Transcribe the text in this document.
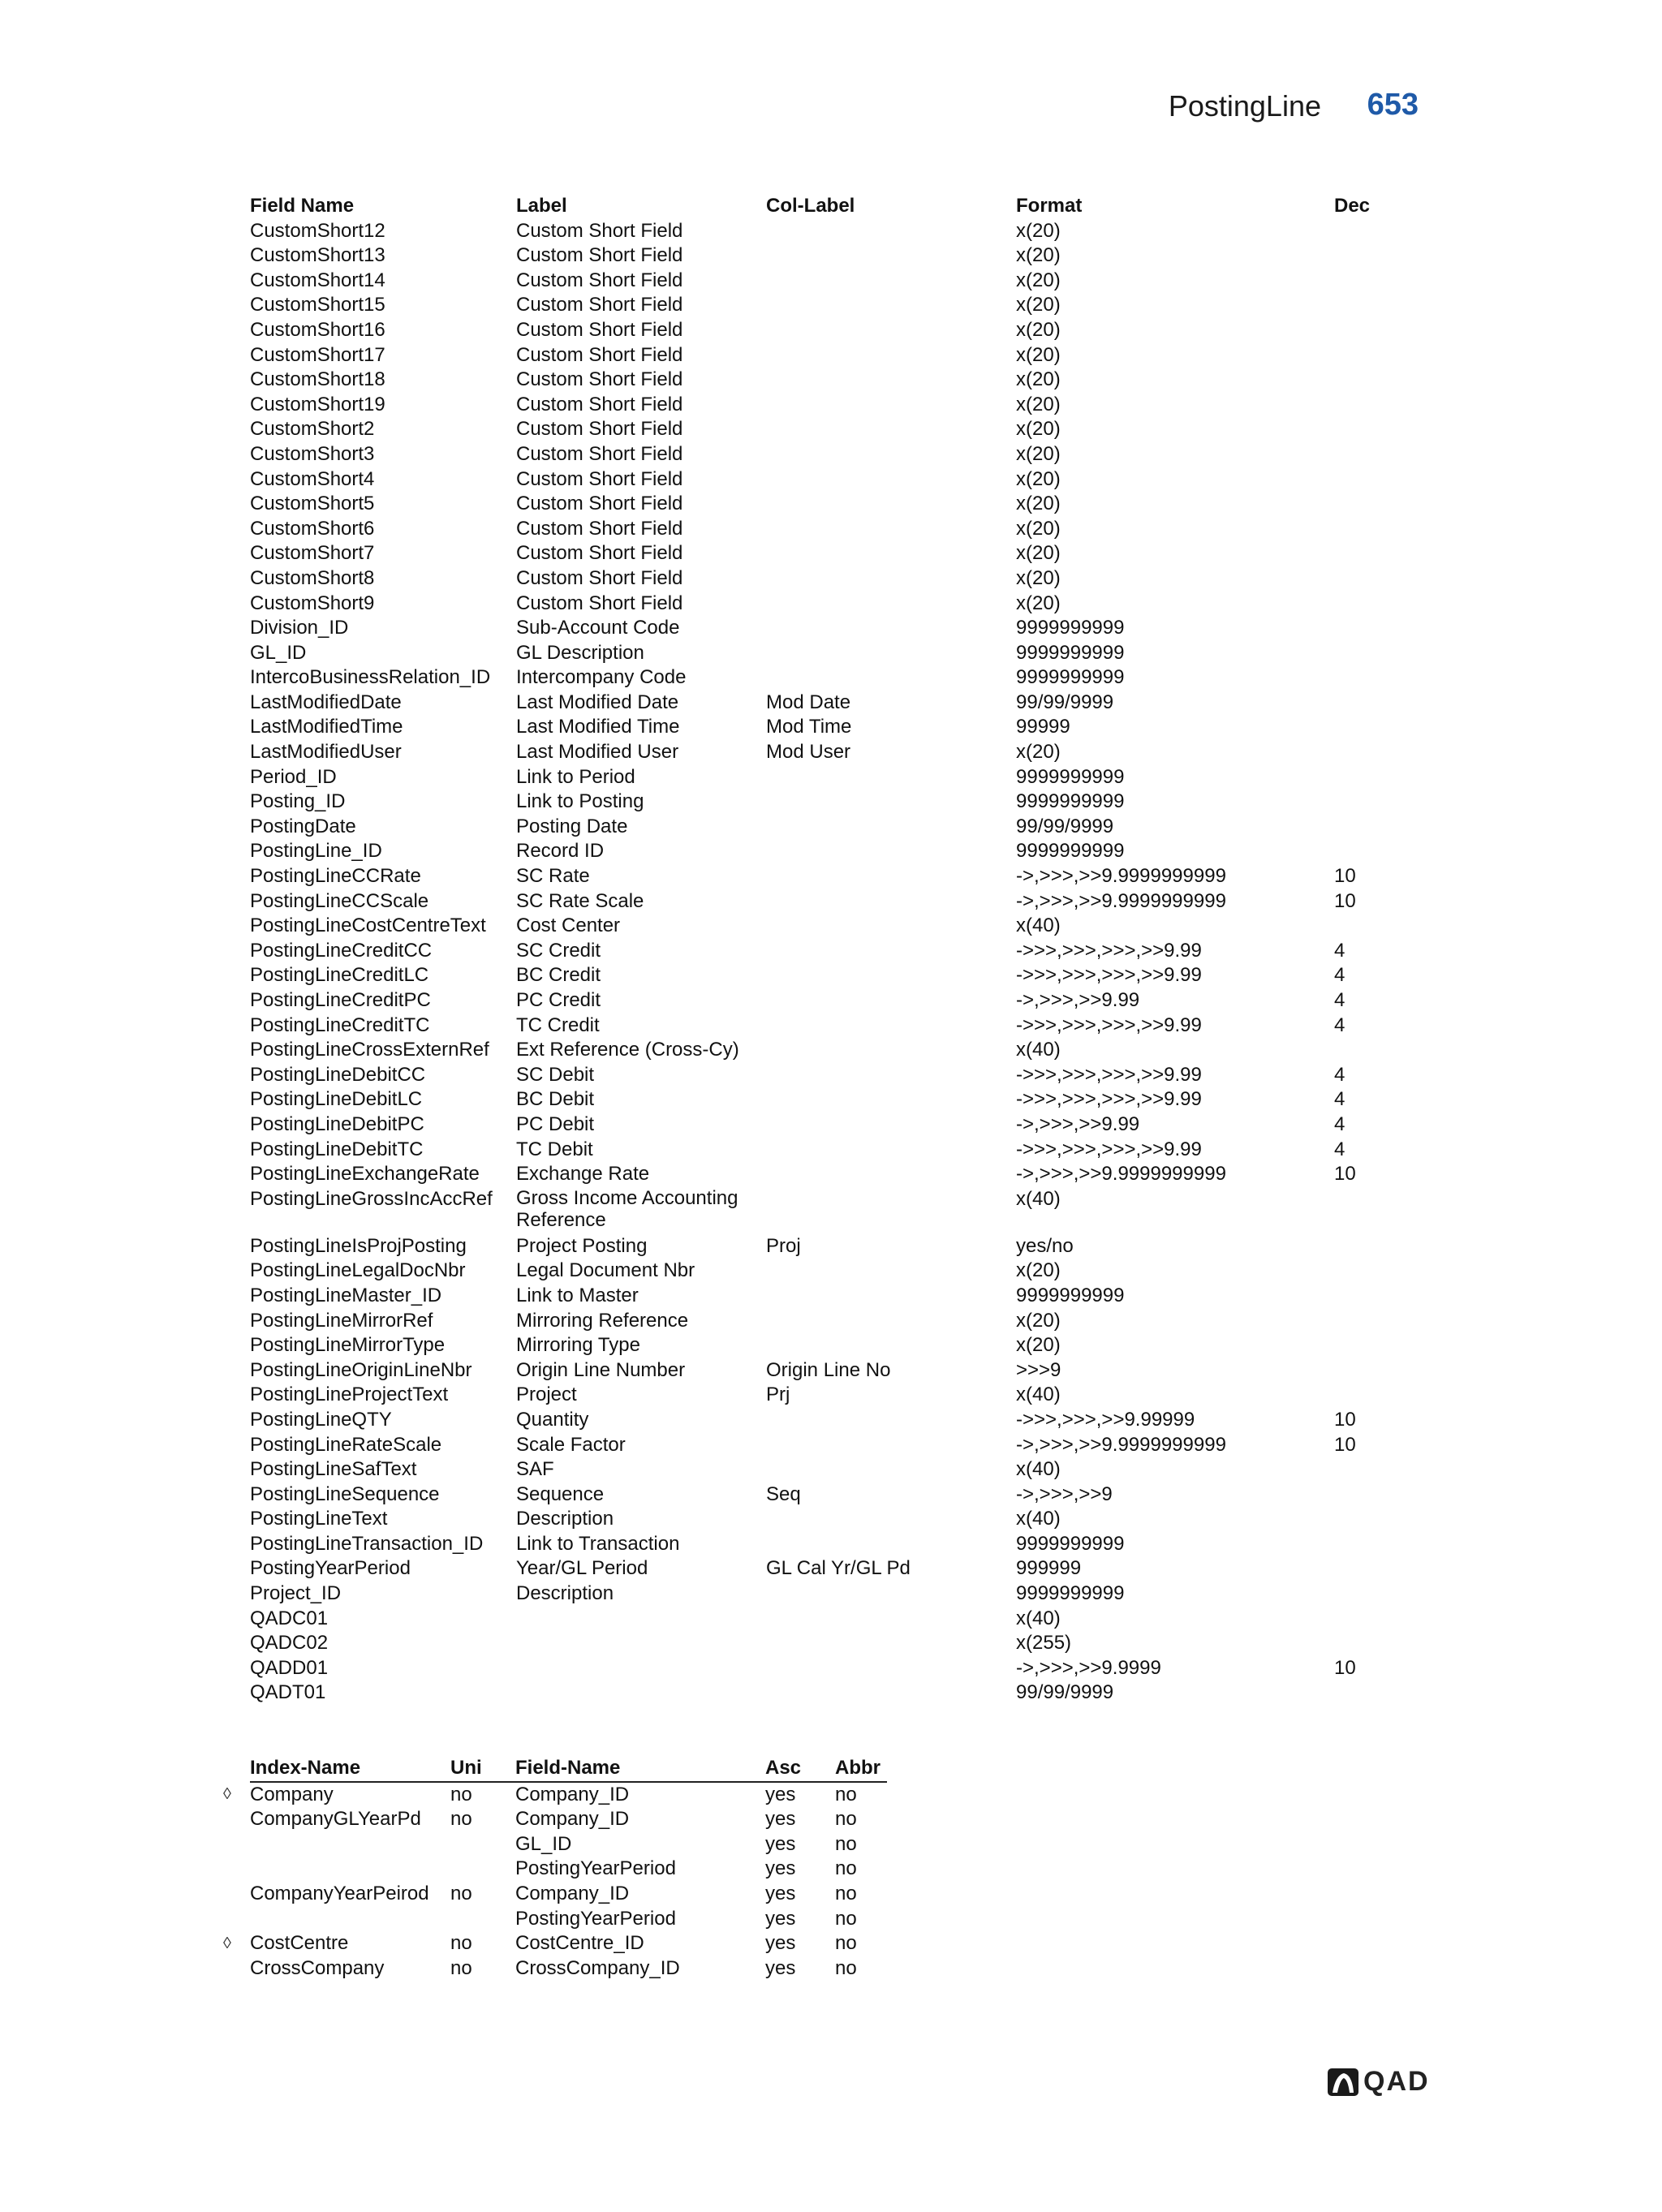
PostingLine 653
Field Name	Label	Col-Label	Format	Dec
CustomShort12	Custom Short Field		x(20)	
CustomShort13	Custom Short Field		x(20)	
CustomShort14	Custom Short Field		x(20)	
CustomShort15	Custom Short Field		x(20)	
CustomShort16	Custom Short Field		x(20)	
CustomShort17	Custom Short Field		x(20)	
CustomShort18	Custom Short Field		x(20)	
CustomShort19	Custom Short Field		x(20)	
CustomShort2	Custom Short Field		x(20)	
CustomShort3	Custom Short Field		x(20)	
CustomShort4	Custom Short Field		x(20)	
CustomShort5	Custom Short Field		x(20)	
CustomShort6	Custom Short Field		x(20)	
CustomShort7	Custom Short Field		x(20)	
CustomShort8	Custom Short Field		x(20)	
CustomShort9	Custom Short Field		x(20)	
Division_ID	Sub-Account Code		9999999999	
GL_ID	GL Description		9999999999	
IntercoBusinessRelation_ID	Intercompany Code		9999999999	
LastModifiedDate	Last Modified Date	Mod Date	99/99/9999	
LastModifiedTime	Last Modified Time	Mod Time	99999	
LastModifiedUser	Last Modified User	Mod User	x(20)	
Period_ID	Link to Period		9999999999	
Posting_ID	Link to Posting		9999999999	
PostingDate	Posting Date		99/99/9999	
PostingLine_ID	Record ID		9999999999	
PostingLineCCRate	SC Rate		->,>>>,>>9.9999999999	10
PostingLineCCScale	SC Rate Scale		->,>>>,>>9.9999999999	10
PostingLineCostCentreText	Cost Center		x(40)	
PostingLineCreditCC	SC Credit		->>>,>>>,>>>,>>9.99	4
PostingLineCreditLC	BC Credit		->>>,>>>,>>>,>>9.99	4
PostingLineCreditPC	PC Credit		->,>>>,>>9.99	4
PostingLineCreditTC	TC Credit		->>>,>>>,>>>,>>9.99	4
PostingLineCrossExternRef	Ext Reference (Cross-Cy)		x(40)	
PostingLineDebitCC	SC Debit		->>>,>>>,>>>,>>9.99	4
PostingLineDebitLC	BC Debit		->>>,>>>,>>>,>>9.99	4
PostingLineDebitPC	PC Debit		->,>>>,>>9.99	4
PostingLineDebitTC	TC Debit		->>>,>>>,>>>,>>9.99	4
PostingLineExchangeRate	Exchange Rate		->,>>>,>>9.9999999999	10
PostingLineGrossIncAccRef	Gross Income Accounting Reference		x(40)	
PostingLineIsProjPosting	Project Posting	Proj	yes/no	
PostingLineLegalDocNbr	Legal Document Nbr		x(20)	
PostingLineMaster_ID	Link to Master		9999999999	
PostingLineMirrorRef	Mirroring Reference		x(20)	
PostingLineMirrorType	Mirroring Type		x(20)	
PostingLineOriginLineNbr	Origin Line Number	Origin Line No	>>>9	
PostingLineProjectText	Project	Prj	x(40)	
PostingLineQTY	Quantity		->>>,>>>,>>9.99999	10
PostingLineRateScale	Scale Factor		->,>>>,>>9.9999999999	10
PostingLineSafText	SAF		x(40)	
PostingLineSequence	Sequence	Seq	->,>>>,>>9	
PostingLineText	Description		x(40)	
PostingLineTransaction_ID	Link to Transaction		9999999999	
PostingYearPeriod	Year/GL Period	GL Cal Yr/GL Pd	999999	
Project_ID	Description		9999999999	
QADC01			x(40)	
QADC02			x(255)	
QADD01			->,>>>,>>9.9999	10
QADT01			99/99/9999	
	Index-Name	Uni	Field-Name	Asc	Abbr
◊	Company	no	Company_ID	yes	no
	CompanyGLYearPd	no	Company_ID	yes	no
			GL_ID	yes	no
			PostingYearPeriod	yes	no
	CompanyYearPeirod	no	Company_ID	yes	no
			PostingYearPeriod	yes	no
◊	CostCentre	no	CostCentre_ID	yes	no
	CrossCompany	no	CrossCompany_ID	yes	no
QAD
